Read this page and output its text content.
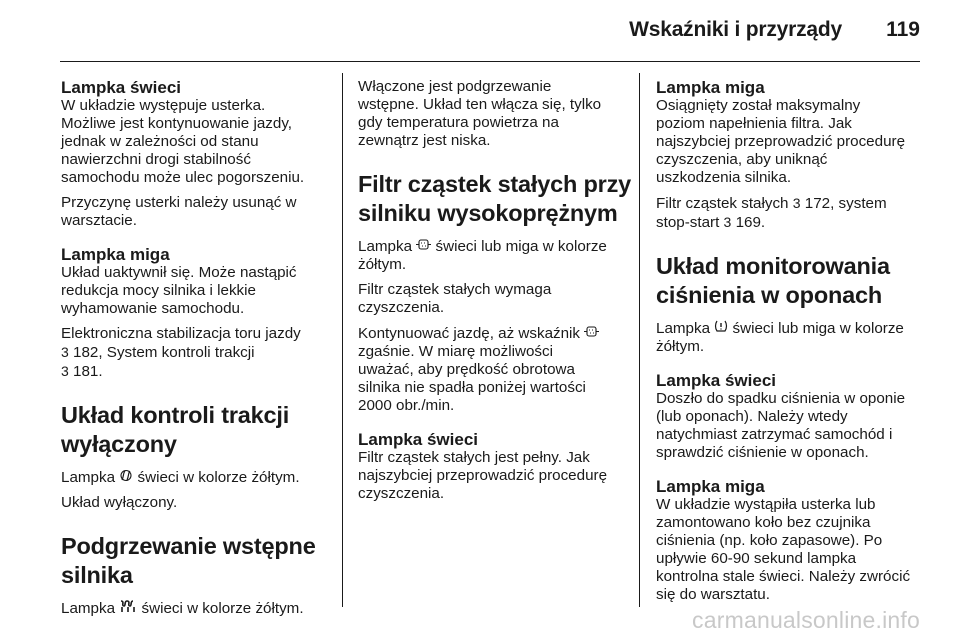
Wskaźniki i przyrządy 119
Lampka świeci

W układzie występuje usterka.

Możliwe jest kontynuowanie jazdy,

jednak w zależności od stanu

nawierzchni drogi stabilność

samochodu może ulec pogorszeniu.

Przyczynę usterki należy usunąć w

warsztacie.

Lampka miga

Układ uaktywnił się. Może nastąpić

redukcja mocy silnika i lekkie

wyhamowanie samochodu.

Elektroniczna stabilizacja toru jazdy

3 182, System kontroli trakcji

3 181.

Układ kontroli trakcji
wyłączony

Lampka świeci w kolorze żółtym.

Układ wyłączony.

Podgrzewanie wstępne
silnika

Lampka świeci w kolorze żółtym.

Włączone jest podgrzewanie

wstępne. Układ ten włącza się, tylko

gdy temperatura powietrza na

zewnątrz jest niska.

Filtr cząstek stałych przy
silniku wysokoprężnym

Lampka świeci lub miga w kolorze

żółtym.

Filtr cząstek stałych wymaga

czyszczenia.

Kontynuować jazdę, aż wskaźnik

zgaśnie. W miarę możliwości

uważać, aby prędkość obrotowa

silnika nie spadła poniżej wartości

2000 obr./min.

Lampka świeci

Filtr cząstek stałych jest pełny. Jak

najszybciej przeprowadzić procedurę

czyszczenia.

Lampka miga

Osiągnięty został maksymalny

poziom napełnienia filtra. Jak

najszybciej przeprowadzić procedurę

czyszczenia, aby uniknąć

uszkodzenia silnika.

Filtr cząstek stałych 3 172, system

stop-start 3 169.

Układ monitorowania
ciśnienia w oponach

Lampka świeci lub miga w kolorze

żółtym.

Lampka świeci

Doszło do spadku ciśnienia w oponie

(lub oponach). Należy wtedy

natychmiast zatrzymać samochód i

sprawdzić ciśnienie w oponach.

Lampka miga

W układzie wystąpiła usterka lub

zamontowano koło bez czujnika

ciśnienia (np. koło zapasowe). Po

upływie 60-90 sekund lampka

kontrolna stale świeci. Należy zwrócić

się do warsztatu.

carmanualsonline.info
